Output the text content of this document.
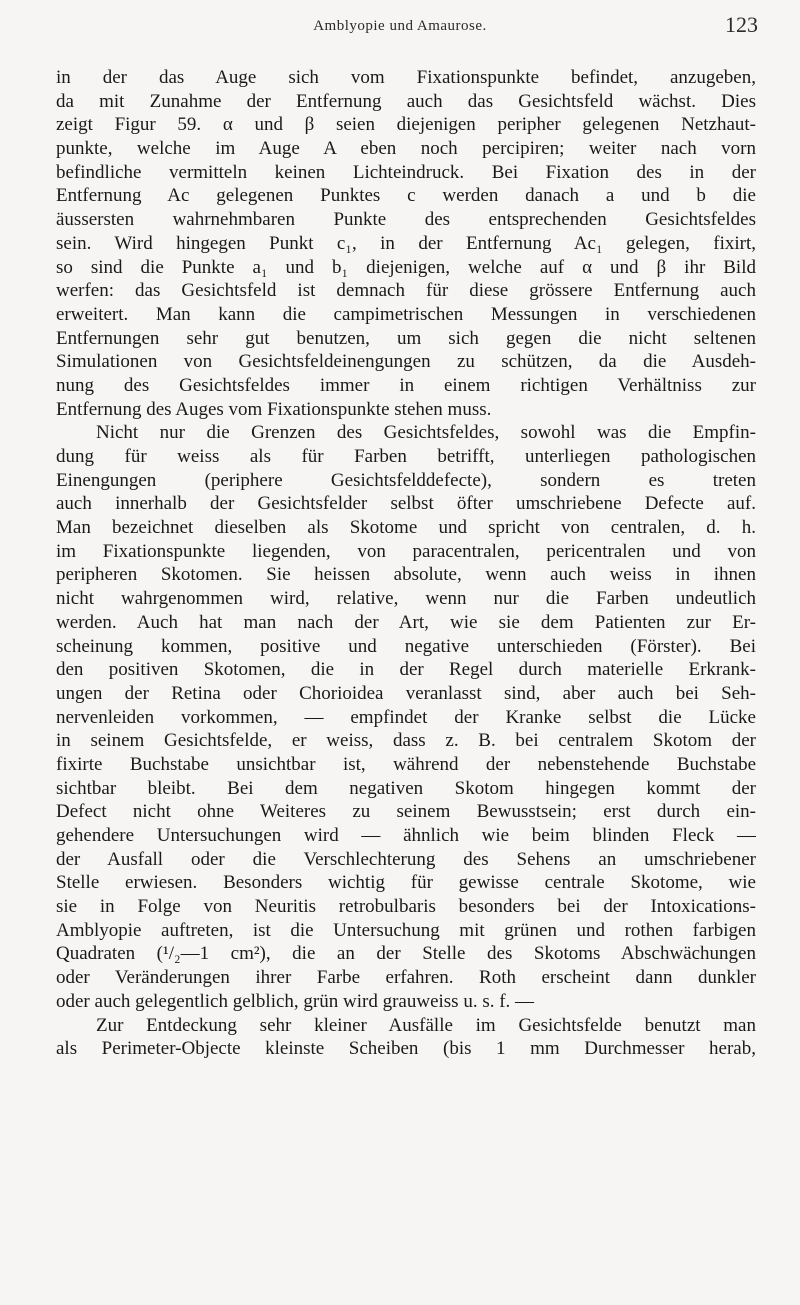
Amblyopie und Amaurose.	123
in der das Auge sich vom Fixationspunkte befindet, anzugeben,
da mit Zunahme der Entfernung auch das Gesichtsfeld wächst. Dies
zeigt Figur 59. α und β seien diejenigen peripher gelegenen Netzhaut-
punkte, welche im Auge A eben noch percipiren; weiter nach vorn
befindliche vermitteln keinen Lichteindruck. Bei Fixation des in der
Entfernung Ac gelegenen Punktes c werden danach a und b die
äussersten wahrnehmbaren Punkte des entsprechenden Gesichtsfeldes
sein. Wird hingegen Punkt c₁, in der Entfernung Ac₁ gelegen, fixirt,
so sind die Punkte a₁ und b₁ diejenigen, welche auf α und β ihr Bild
werfen: das Gesichtsfeld ist demnach für diese grössere Entfernung auch
erweitert. Man kann die campimetrischen Messungen in verschiedenen
Entfernungen sehr gut benutzen, um sich gegen die nicht seltenen
Simulationen von Gesichtsfeldeinengungen zu schützen, da die Ausdeh-
nung des Gesichtsfeldes immer in einem richtigen Verhältniss zur
Entfernung des Auges vom Fixationspunkte stehen muss.
Nicht nur die Grenzen des Gesichtsfeldes, sowohl was die Empfin-
dung für weiss als für Farben betrifft, unterliegen pathologischen
Einengungen (periphere Gesichtsfelddefecte), sondern es treten
auch innerhalb der Gesichtsfelder selbst öfter umschriebene Defecte auf.
Man bezeichnet dieselben als Skotome und spricht von centralen, d. h.
im Fixationspunkte liegenden, von paracentralen, pericentralen und von
peripheren Skotomen. Sie heissen absolute, wenn auch weiss in ihnen
nicht wahrgenommen wird, relative, wenn nur die Farben undeutlich
werden. Auch hat man nach der Art, wie sie dem Patienten zur Er-
scheinung kommen, positive und negative unterschieden (Förster). Bei
den positiven Skotomen, die in der Regel durch materielle Erkrank-
ungen der Retina oder Chorioidea veranlasst sind, aber auch bei Seh-
nervenleiden vorkommen, — empfindet der Kranke selbst die Lücke
in seinem Gesichtsfelde, er weiss, dass z. B. bei centralem Skotom der
fixirte Buchstabe unsichtbar ist, während der nebenstehende Buchstabe
sichtbar bleibt. Bei dem negativen Skotom hingegen kommt der
Defect nicht ohne Weiteres zu seinem Bewusstsein; erst durch ein-
gehendere Untersuchungen wird — ähnlich wie beim blinden Fleck —
der Ausfall oder die Verschlechterung des Sehens an umschriebener
Stelle erwiesen. Besonders wichtig für gewisse centrale Skotome, wie
sie in Folge von Neuritis retrobulbaris besonders bei der Intoxications-
Amblyopie auftreten, ist die Untersuchung mit grünen und rothen farbigen
Quadraten (¹/₂—1 cm²), die an der Stelle des Skotoms Abschwächungen
oder Veränderungen ihrer Farbe erfahren. Roth erscheint dann dunkler
oder auch gelegentlich gelblich, grün wird grauweiss u. s. f. —
Zur Entdeckung sehr kleiner Ausfälle im Gesichtsfelde benutzt man
als Perimeter-Objecte kleinste Scheiben (bis 1 mm Durchmesser herab,
